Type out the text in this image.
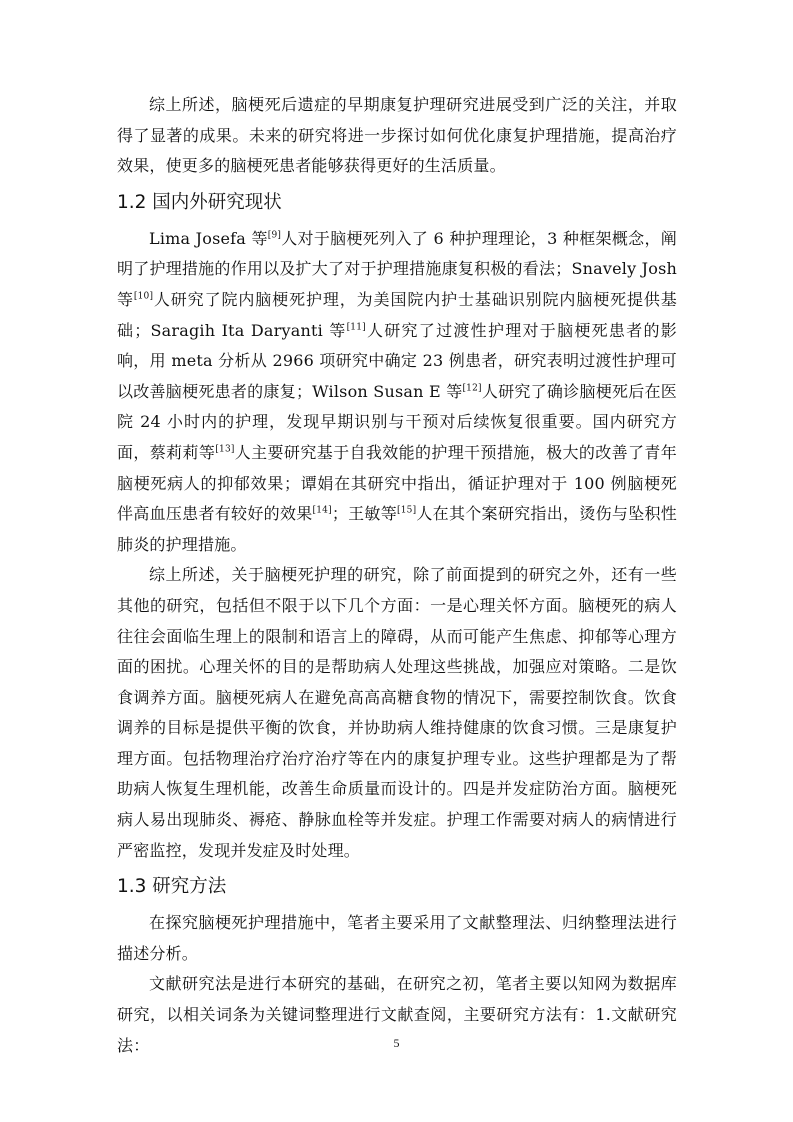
综上所述，脑梗死后遗症的早期康复护理研究进展受到广泛的关注，并取得了显著的成果。未来的研究将进一步探讨如何优化康复护理措施，提高治疗效果，使更多的脑梗死患者能够获得更好的生活质量。

1.2 国内外研究现状

Lima Josefa 等[9]人对于脑梗死列入了 6 种护理理论，3 种框架概念，阐明了护理措施的作用以及扩大了对于护理措施康复积极的看法；Snavely Josh 等[10]人研究了院内脑梗死护理，为美国院内护士基础识别院内脑梗死提供基础；Saragih Ita Daryanti 等[11]人研究了过渡性护理对于脑梗死患者的影响，用 meta 分析从 2966 项研究中确定 23 例患者，研究表明过渡性护理可以改善脑梗死患者的康复；Wilson Susan E 等[12]人研究了确诊脑梗死后在医院 24 小时内的护理，发现早期识别与干预对后续恢复很重要。国内研究方面，蔡莉莉等[13]人主要研究基于自我效能的护理干预措施，极大的改善了青年脑梗死病人的抑郁效果；谭娟在其研究中指出，循证护理对于 100 例脑梗死伴高血压患者有较好的效果[14]；王敏等[15]人在其个案研究指出，烫伤与坠积性肺炎的护理措施。

综上所述，关于脑梗死护理的研究，除了前面提到的研究之外，还有一些其他的研究，包括但不限于以下几个方面：一是心理关怀方面。脑梗死的病人往往会面临生理上的限制和语言上的障碍，从而可能产生焦虑、抑郁等心理方面的困扰。心理关怀的目的是帮助病人处理这些挑战，加强应对策略。二是饮食调养方面。脑梗死病人在避免高高高糖食物的情况下，需要控制饮食。饮食调养的目标是提供平衡的饮食，并协助病人维持健康的饮食习惯。三是康复护理方面。包括物理治疗治疗治疗等在内的康复护理专业。这些护理都是为了帮助病人恢复生理机能，改善生命质量而设计的。四是并发症防治方面。脑梗死病人易出现肺炎、褥疮、静脉血栓等并发症。护理工作需要对病人的病情进行严密监控，发现并发症及时处理。

1.3 研究方法

在探究脑梗死护理措施中，笔者主要采用了文献整理法、归纳整理法进行描述分析。

文献研究法是进行本研究的基础，在研究之初，笔者主要以知网为数据库研究，以相关词条为关键词整理进行文献查阅，主要研究方法有：1.文献研究法：	5
